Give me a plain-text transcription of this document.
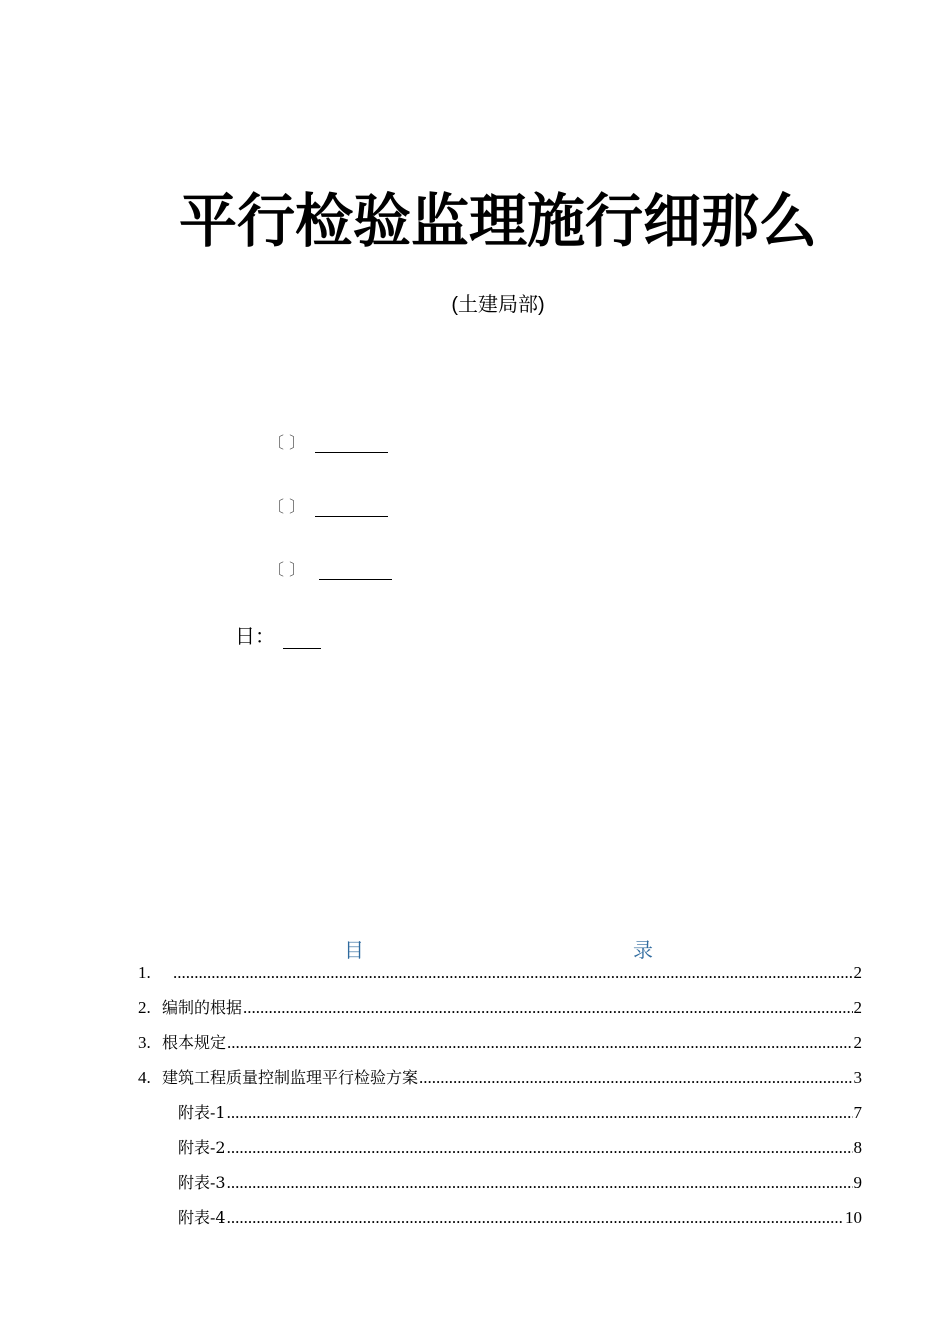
平行检验监理施行细那么
(土建局部)
〔 〕
〔 〕
〔 〕
日：
目	录
1. .....	2
2. 编制的根据 .....	2
3. 根本规定 .....	2
4. 建筑工程质量控制监理平行检验方案 .....	3
附表-1 .....	7
附表-2 .....	8
附表-3 .....	9
附表-4 .....	10
